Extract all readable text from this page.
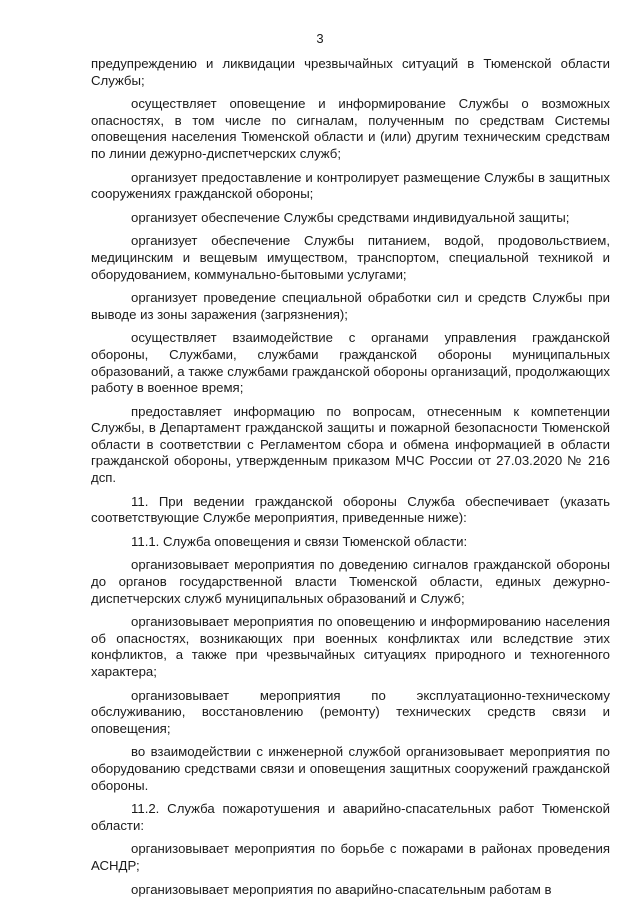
3

предупреждению и ликвидации чрезвычайных ситуаций в Тюменской области Службы;

осуществляет оповещение и информирование Службы о возможных опасностях, в том числе по сигналам, полученным по средствам Системы оповещения населения Тюменской области и (или) другим техническим средствам по линии дежурно-диспетчерских служб;

организует предоставление и контролирует размещение Службы в защитных сооружениях гражданской обороны;

организует обеспечение Службы средствами индивидуальной защиты;

организует обеспечение Службы питанием, водой, продовольствием, медицинским и вещевым имуществом, транспортом, специальной техникой и оборудованием, коммунально-бытовыми услугами;

организует проведение специальной обработки сил и средств Службы при выводе из зоны заражения (загрязнения);

осуществляет взаимодействие с органами управления гражданской обороны, Службами, службами гражданской обороны муниципальных образований, а также службами гражданской обороны организаций, продолжающих работу в военное время;

предоставляет информацию по вопросам, отнесенным к компетенции Службы, в Департамент гражданской защиты и пожарной безопасности Тюменской области в соответствии с Регламентом сбора и обмена информацией в области гражданской обороны, утвержденным приказом МЧС России от 27.03.2020 № 216 дсп.

11. При ведении гражданской обороны Служба обеспечивает (указать соответствующие Службе мероприятия, приведенные ниже):

11.1. Служба оповещения и связи Тюменской области:

организовывает мероприятия по доведению сигналов гражданской обороны до органов государственной власти Тюменской области, единых дежурно-диспетчерских служб муниципальных образований и Служб;

организовывает мероприятия по оповещению и информированию населения об опасностях, возникающих при военных конфликтах или вследствие этих конфликтов, а также при чрезвычайных ситуациях природного и техногенного характера;

организовывает мероприятия по эксплуатационно-техническому обслуживанию, восстановлению (ремонту) технических средств связи и оповещения;

во взаимодействии с инженерной службой организовывает мероприятия по оборудованию средствами связи и оповещения защитных сооружений гражданской обороны.

11.2. Служба пожаротушения и аварийно-спасательных работ Тюменской области:

организовывает мероприятия по борьбе с пожарами в районах проведения АСНДР;

организовывает мероприятия по аварийно-спасательным работам в
